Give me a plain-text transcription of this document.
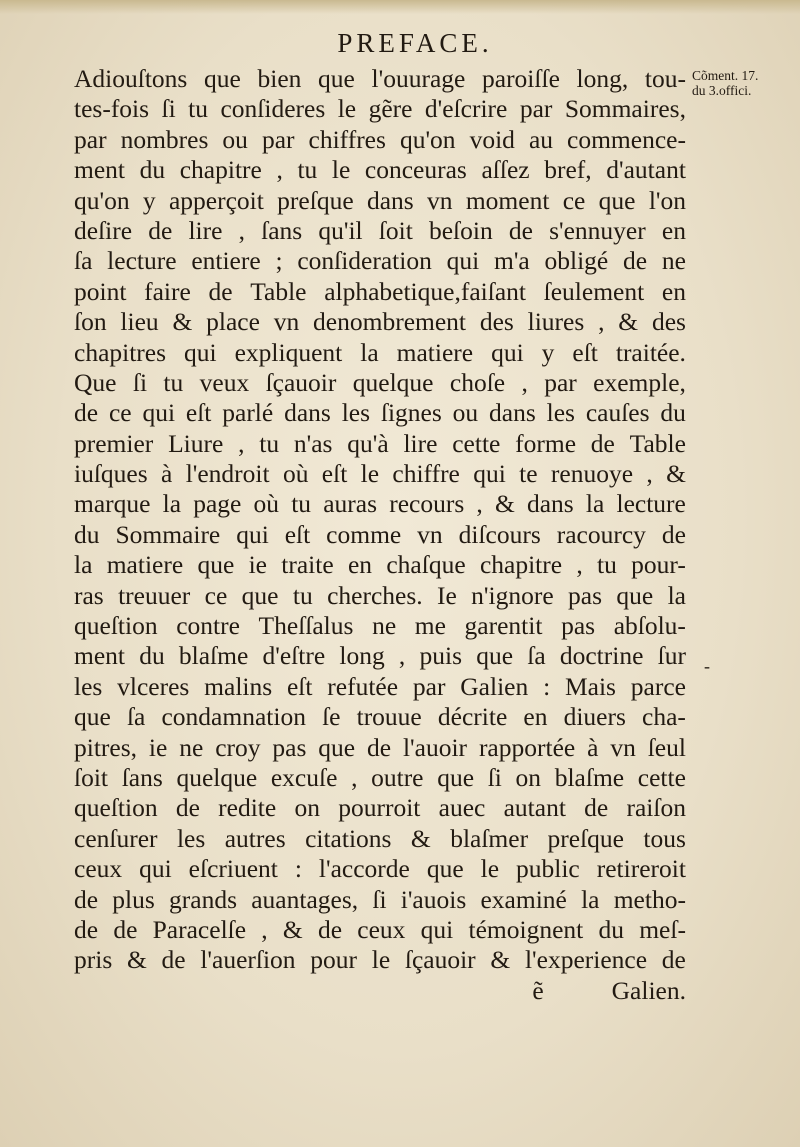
PREFACE.
Cõment. 17.
du 3.offici.
-
Adiouſtons que bien que l'ouurage paroiſſe long, tou-
tes-fois ſi tu conſideres le gẽre d'eſcrire par Sommaires,
par nombres ou par chiffres qu'on void au commence-
ment du chapitre , tu le conceuras aſſez bref, d'autant
qu'on y apperçoit preſque dans vn moment ce que l'on
deſire de lire , ſans qu'il ſoit beſoin de s'ennuyer en
ſa lecture entiere ; conſideration qui m'a obligé de ne
point faire de Table alphabetique,faiſant ſeulement en
ſon lieu & place vn denombrement des liures , & des
chapitres qui expliquent la matiere qui y eſt traitée.
Que ſi tu veux ſçauoir quelque choſe , par exemple,
de ce qui eſt parlé dans les ſignes ou dans les cauſes du
premier Liure , tu n'as qu'à lire cette forme de Table
iuſques à l'endroit où eſt le chiffre qui te renuoye , &
marque la page où tu auras recours , & dans la lecture
du Sommaire qui eſt comme vn diſcours racourcy de
la matiere que ie traite en chaſque chapitre , tu pour-
ras treuuer ce que tu cherches. Ie n'ignore pas que la
queſtion contre Theſſalus ne me garentit pas abſolu-
ment du blaſme d'eſtre long , puis que ſa doctrine ſur
les vlceres malins eſt refutée par Galien : Mais parce
que ſa condamnation ſe trouue décrite en diuers cha-
pitres, ie ne croy pas que de l'auoir rapportée à vn ſeul
ſoit ſans quelque excuſe , outre que ſi on blaſme cette
queſtion de redite on pourroit auec autant de raiſon
cenſurer les autres citations & blaſmer preſque tous
ceux qui eſcriuent : l'accorde que le public retireroit
de plus grands auantages, ſi i'auois examiné la metho-
de de Paracelſe , & de ceux qui témoignent du meſ-
pris & de l'auerſion pour le ſçauoir & l'experience de
ẽ	Galien.
